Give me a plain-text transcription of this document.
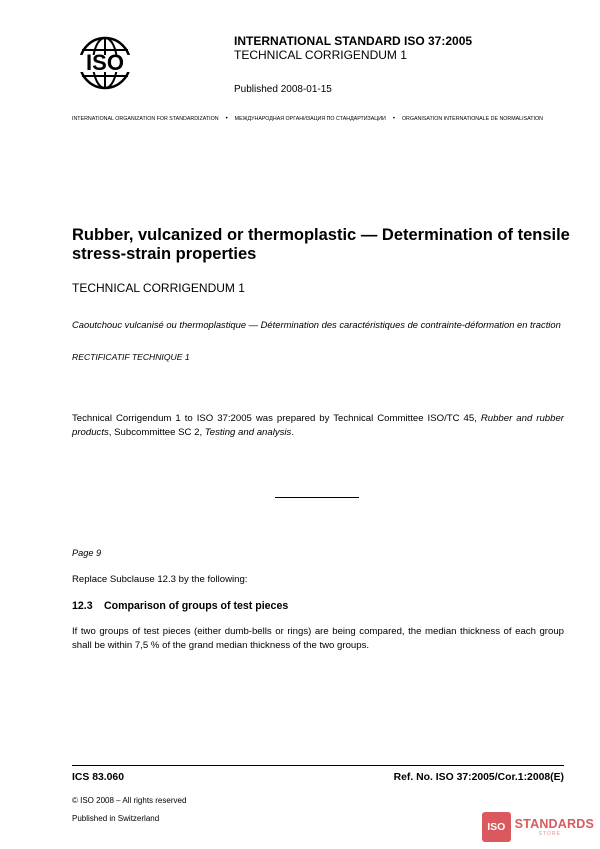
ISO
INTERNATIONAL STANDARD ISO 37:2005
TECHNICAL CORRIGENDUM 1
Published 2008-01-15
INTERNATIONAL ORGANIZATION FOR STANDARDIZATION • МЕЖДУНАРОДНАЯ ОРГАНИЗАЦИЯ ПО СТАНДАРТИЗАЦИИ • ORGANISATION INTERNATIONALE DE NORMALISATION
Rubber, vulcanized or thermoplastic — Determination of tensile stress-strain properties
TECHNICAL CORRIGENDUM 1
Caoutchouc vulcanisé ou thermoplastique — Détermination des caractéristiques de contrainte-déformation en traction
RECTIFICATIF TECHNIQUE 1
Technical Corrigendum 1 to ISO 37:2005 was prepared by Technical Committee ISO/TC 45, Rubber and rubber products, Subcommittee SC 2, Testing and analysis.
Page 9
Replace Subclause 12.3 by the following:
12.3 Comparison of groups of test pieces
If two groups of test pieces (either dumb-bells or rings) are being compared, the median thickness of each group shall be within 7,5 % of the grand median thickness of the two groups.
ICS 83.060	Ref. No. ISO 37:2005/Cor.1:2008(E)
© ISO 2008 – All rights reserved
Published in Switzerland
ISO STANDARDS
STORE
